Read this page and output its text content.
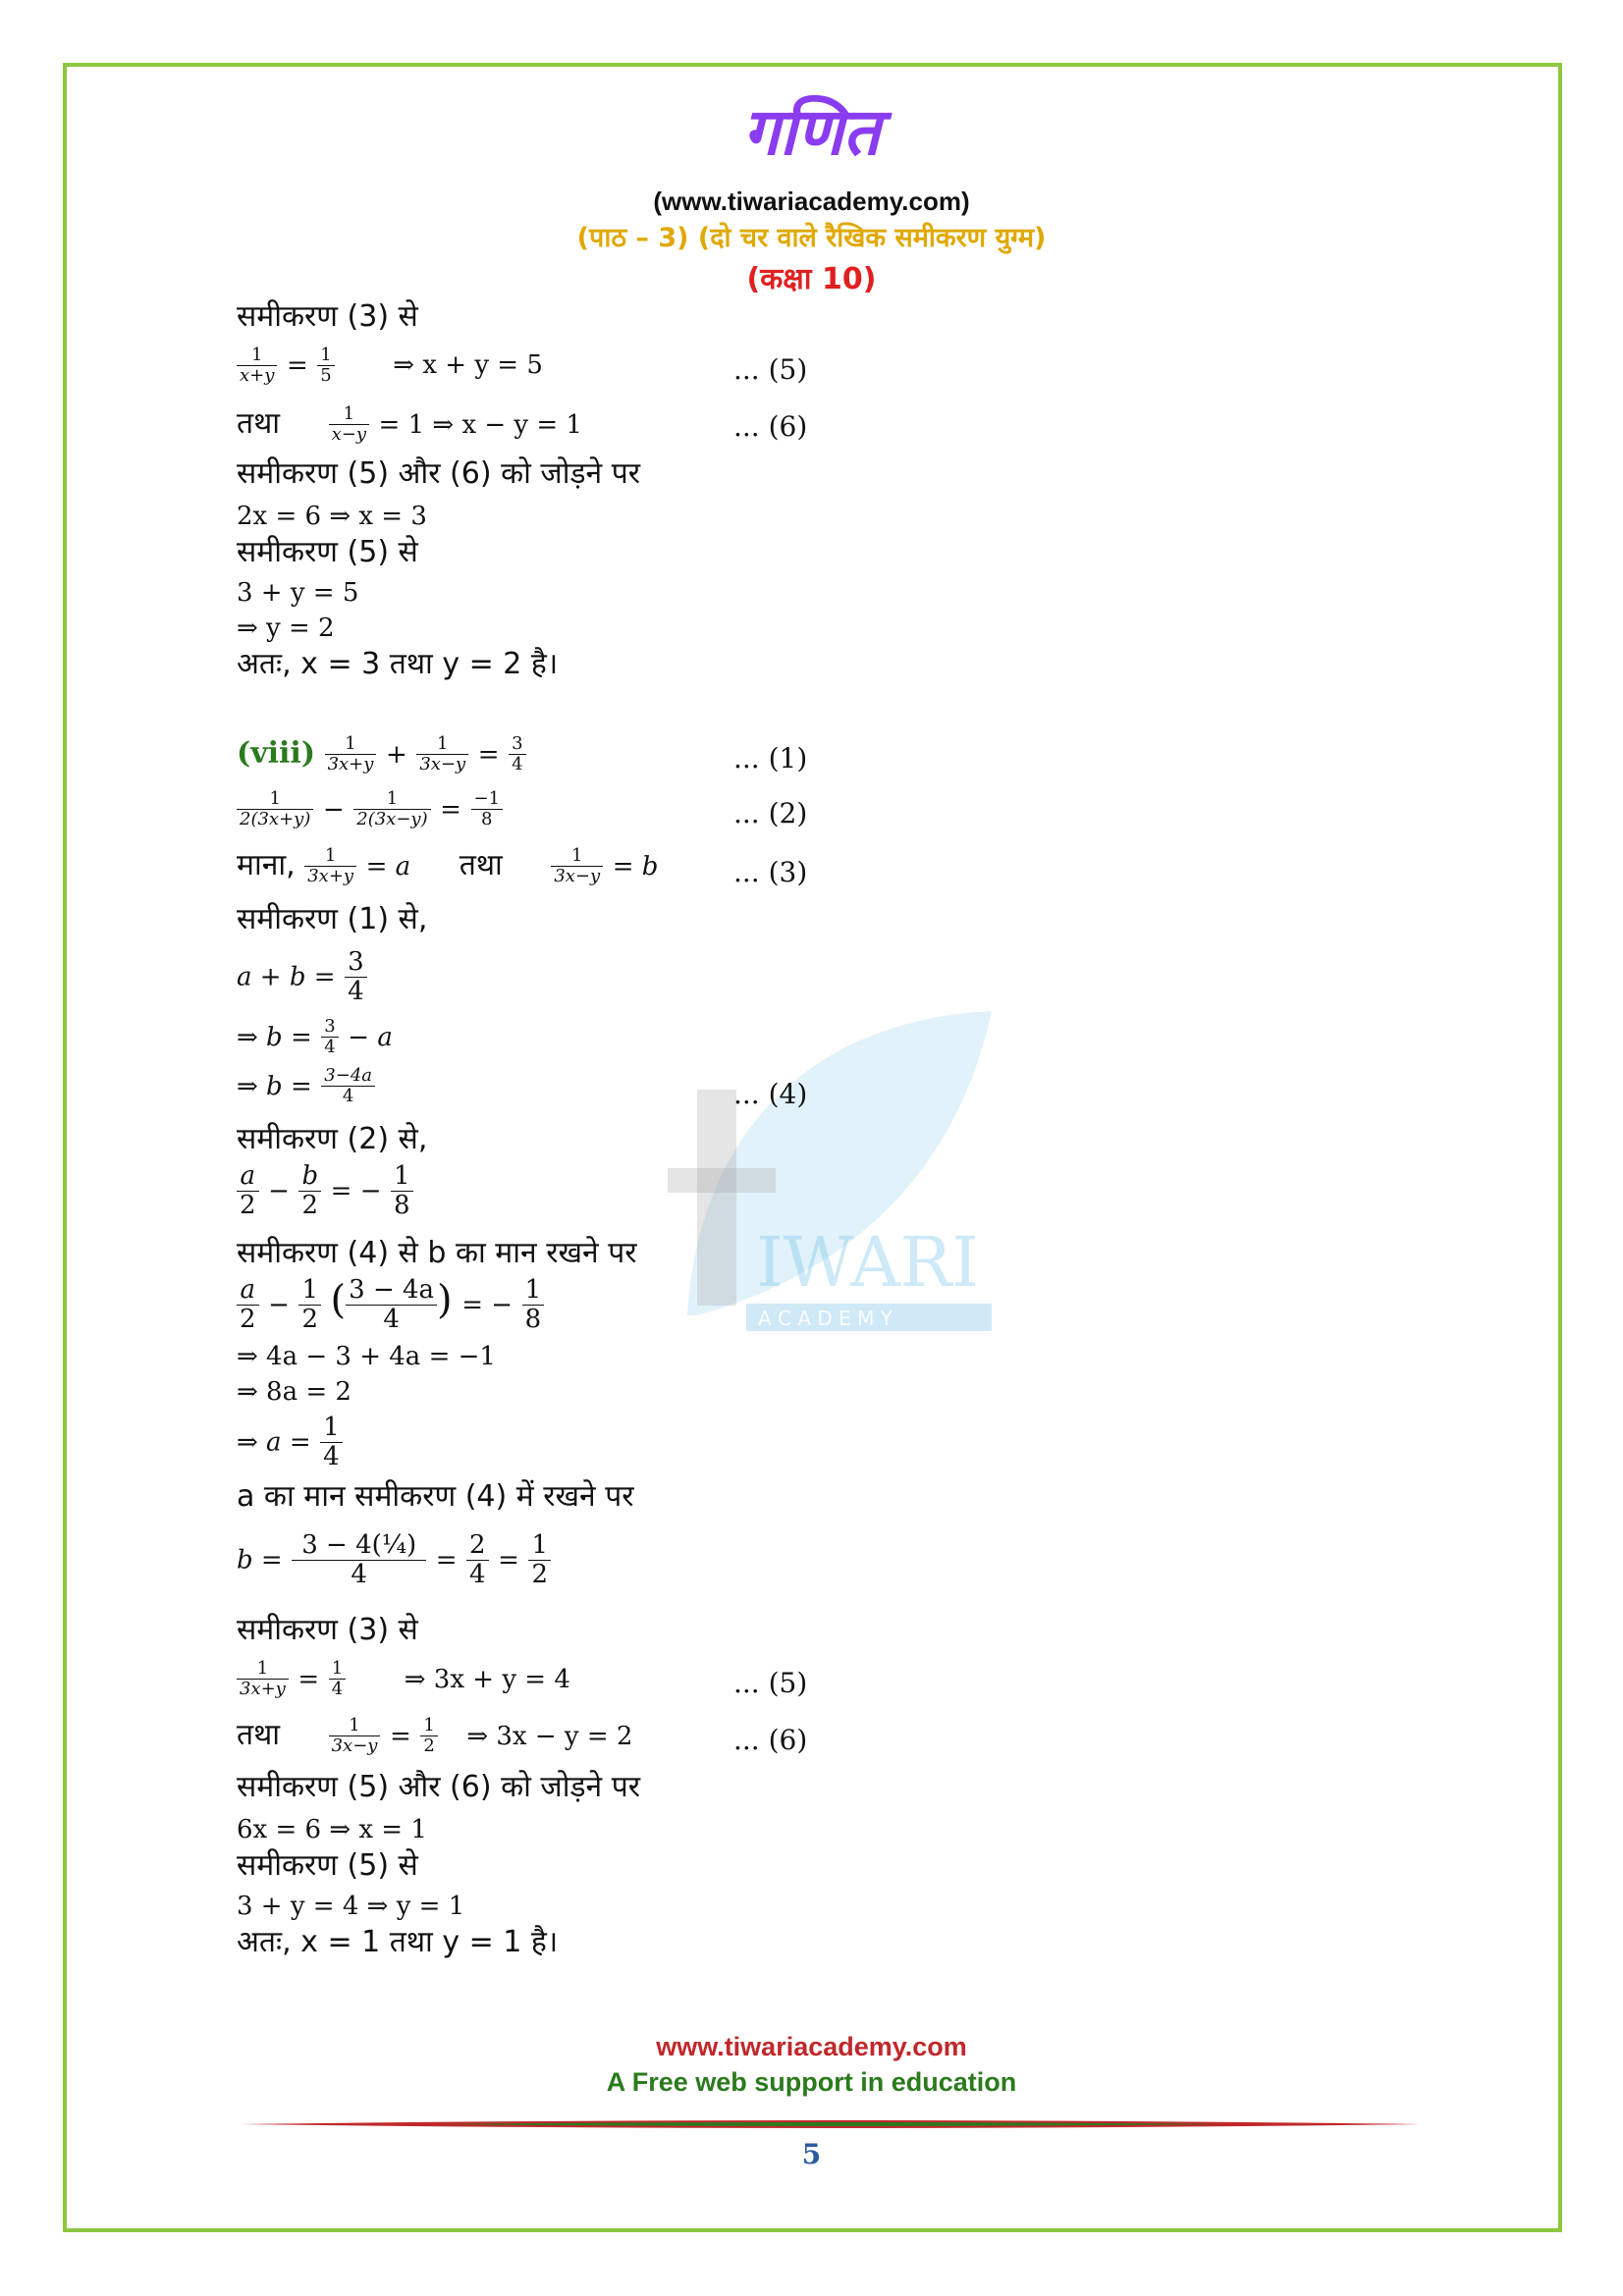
गणित
(www.tiwariacademy.com)
(पाठ – 3) (दो चर वाले रैखिक समीकरण युग्म)
(कक्षा 10)
IWARI
A C A D E M Y
समीकरण (3) से
$\frac{1}{x+y} = \frac{1}{5}$ ⇒ x + y = 5	... (5)
तथा	$\frac{1}{x-y} = 1$ ⇒ x − y = 1	... (6)
समीकरण (5) और (6) को जोड़ने पर
2x = 6 ⇒ x = 3
समीकरण (5) से
3 + y = 5
⇒ y = 2
अतः, x = 3 तथा y = 2 है।
(viii) $\frac{1}{3x+y} + \frac{1}{3x-y} = \frac{3}{4}$	... (1)
$\frac{1}{2(3x+y)} - \frac{1}{2(3x-y)} = \frac{-1}{8}$	... (2)
माना, $\frac{1}{3x+y} = a$ तथा	$\frac{1}{3x-y} = b$	... (3)
समीकरण (1) से,
$a + b = \frac{3}{4}$
⇒ $b = \frac{3}{4} - a$
⇒ $b = \frac{3-4a}{4}$	... (4)
समीकरण (2) से,
$\frac{a}{2} - \frac{b}{2}$ = − $\frac{1}{8}$
समीकरण (4) से b का मान रखने पर
$\frac{a}{2} - \frac{1}{2}$ ( $\frac{3 - 4a}{4}$ ) = − $\frac{1}{8}$
⇒ 4a − 3 + 4a = −1
⇒ 8a = 2
⇒ $a = \frac{1}{4}$
a का मान समीकरण (4) में रखने पर
$b = \frac{\text{3 − 4(¼)}}{4} = \frac{2}{4} = \frac{1}{2}$
समीकरण (3) से
$\frac{1}{3x+y} = \frac{1}{4}$ ⇒ 3x + y = 4	... (5)
तथा	$\frac{1}{3x-y} = \frac{1}{2}$ ⇒ 3x − y = 2	... (6)
समीकरण (5) और (6) को जोड़ने पर
6x = 6 ⇒ x = 1
समीकरण (5) से
3 + y = 4 ⇒ y = 1
अतः, x = 1 तथा y = 1 है।
www.tiwariacademy.com
A Free web support in education
5
